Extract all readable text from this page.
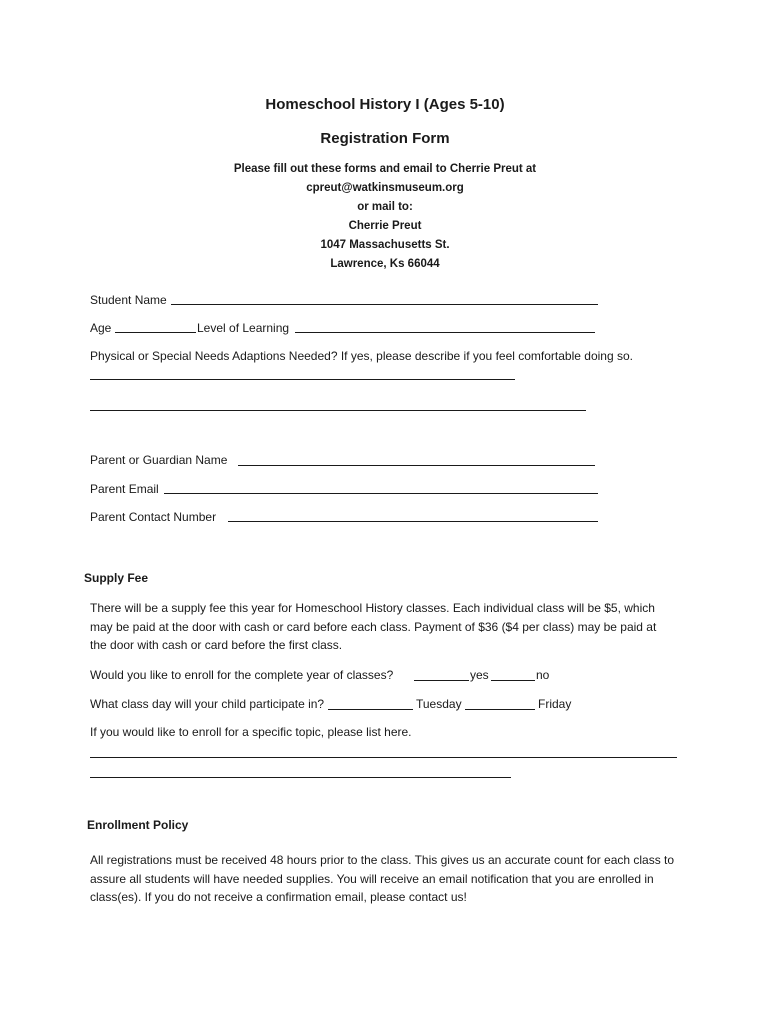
Homeschool History I (Ages 5-10)
Registration Form
Please fill out these forms and email to Cherrie Preut at
cpreut@watkinsmuseum.org
or mail to:
Cherrie Preut
1047 Massachusetts St.
Lawrence, Ks 66044
Student Name
Age	Level of Learning
Physical or Special Needs Adaptions Needed? If yes, please describe if you feel comfortable doing so.
Parent or Guardian Name
Parent Email
Parent Contact Number
Supply Fee
There will be a supply fee this year for Homeschool History classes. Each individual class will be $5, which may be paid at the door with cash or card before each class. Payment of $36 ($4 per class) may be paid at the door with cash or card before the first class.
Would you like to enroll for the complete year of classes?	yes	no
What class day will your child participate in?	Tuesday	Friday
If you would like to enroll for a specific topic, please list here.
Enrollment Policy
All registrations must be received 48 hours prior to the class. This gives us an accurate count for each class to assure all students will have needed supplies. You will receive an email notification that you are enrolled in class(es). If you do not receive a confirmation email, please contact us!
